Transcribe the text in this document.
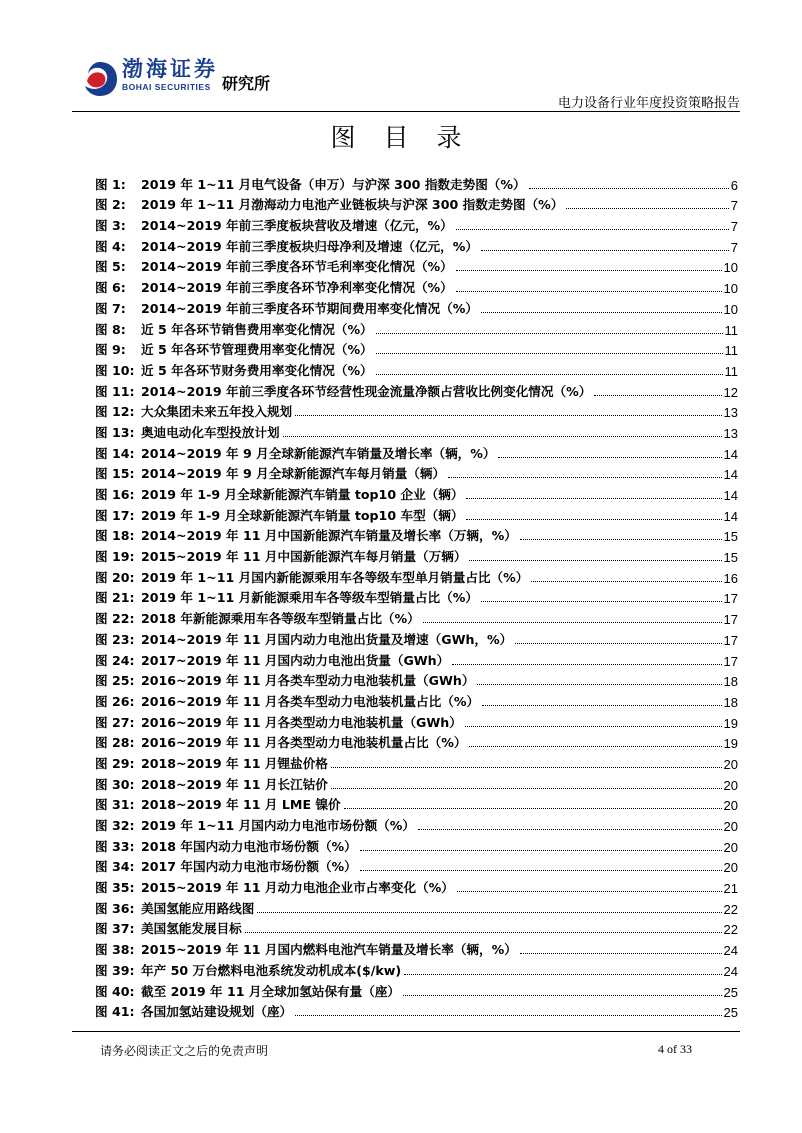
渤海证券
BOHAI SECURITIES 研究所
电力设备行业年度投资策略报告
图 目 录
图 1:	2019 年 1~11 月电气设备（申万）与沪深 300 指数走势图（%）	6
图 2:	2019 年 1~11 月渤海动力电池产业链板块与沪深 300 指数走势图（%）	7
图 3:	2014~2019 年前三季度板块营收及增速（亿元，%）	7
图 4:	2014~2019 年前三季度板块归母净利及增速（亿元，%）	7
图 5:	2014~2019 年前三季度各环节毛利率变化情况（%）	10
图 6:	2014~2019 年前三季度各环节净利率变化情况（%）	10
图 7:	2014~2019 年前三季度各环节期间费用率变化情况（%）	10
图 8:	近 5 年各环节销售费用率变化情况（%）	11
图 9:	近 5 年各环节管理费用率变化情况（%）	11
图 10: 近 5 年各环节财务费用率变化情况（%）	11
图 11: 2014~2019 年前三季度各环节经营性现金流量净额占营收比例变化情况（%）	12
图 12: 大众集团未来五年投入规划	13
图 13: 奥迪电动化车型投放计划	13
图 14: 2014~2019 年 9 月全球新能源汽车销量及增长率（辆，%）	14
图 15: 2014~2019 年 9 月全球新能源汽车每月销量（辆）	14
图 16: 2019 年 1-9 月全球新能源汽车销量 top10 企业（辆）	14
图 17: 2019 年 1-9 月全球新能源汽车销量 top10 车型（辆）	14
图 18: 2014~2019 年 11 月中国新能源汽车销量及增长率（万辆，%）	15
图 19: 2015~2019 年 11 月中国新能源汽车每月销量（万辆）	15
图 20: 2019 年 1~11 月国内新能源乘用车各等级车型单月销量占比（%）	16
图 21: 2019 年 1~11 月新能源乘用车各等级车型销量占比（%）	17
图 22: 2018 年新能源乘用车各等级车型销量占比（%）	17
图 23: 2014~2019 年 11 月国内动力电池出货量及增速（GWh，%）	17
图 24: 2017~2019 年 11 月国内动力电池出货量（GWh）	17
图 25: 2016~2019 年 11 月各类车型动力电池装机量（GWh）	18
图 26: 2016~2019 年 11 月各类车型动力电池装机量占比（%）	18
图 27: 2016~2019 年 11 月各类型动力电池装机量（GWh）	19
图 28: 2016~2019 年 11 月各类型动力电池装机量占比（%）	19
图 29: 2018~2019 年 11 月锂盐价格	20
图 30: 2018~2019 年 11 月长江钴价	20
图 31: 2018~2019 年 11 月 LME 镍价	20
图 32: 2019 年 1~11 月国内动力电池市场份额（%）	20
图 33: 2018 年国内动力电池市场份额（%）	20
图 34: 2017 年国内动力电池市场份额（%）	20
图 35: 2015~2019 年 11 月动力电池企业市占率变化（%）	21
图 36: 美国氢能应用路线图	22
图 37: 美国氢能发展目标	22
图 38: 2015~2019 年 11 月国内燃料电池汽车销量及增长率（辆，%）	24
图 39: 年产 50 万台燃料电池系统发动机成本($/kw)	24
图 40: 截至 2019 年 11 月全球加氢站保有量（座）	25
图 41: 各国加氢站建设规划（座）	25
请务必阅读正文之后的免责声明	4 of 33
